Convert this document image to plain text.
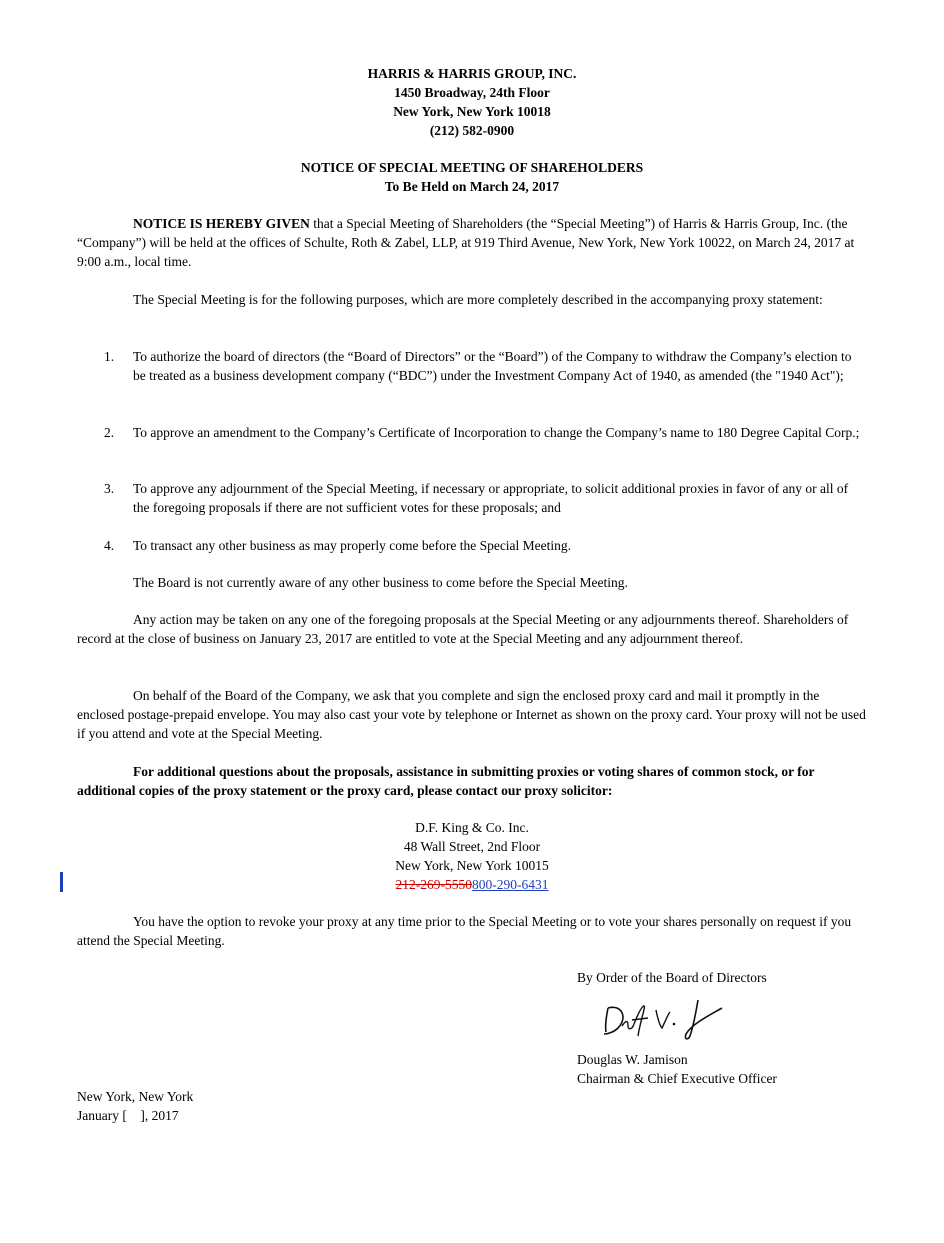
HARRIS & HARRIS GROUP, INC.
1450 Broadway, 24th Floor
New York, New York 10018
(212) 582-0900
NOTICE OF SPECIAL MEETING OF SHAREHOLDERS
To Be Held on March 24, 2017
NOTICE IS HEREBY GIVEN that a Special Meeting of Shareholders (the “Special Meeting”) of Harris & Harris Group, Inc. (the “Company”) will be held at the offices of Schulte, Roth & Zabel, LLP, at 919 Third Avenue, New York, New York 10022, on March 24, 2017 at 9:00 a.m., local time.
The Special Meeting is for the following purposes, which are more completely described in the accompanying proxy statement:
1. To authorize the board of directors (the “Board of Directors” or the “Board”) of the Company to withdraw the Company’s election to be treated as a business development company (“BDC”) under the Investment Company Act of 1940, as amended (the "1940 Act");
2. To approve an amendment to the Company’s Certificate of Incorporation to change the Company’s name to 180 Degree Capital Corp.;
3. To approve any adjournment of the Special Meeting, if necessary or appropriate, to solicit additional proxies in favor of any or all of the foregoing proposals if there are not sufficient votes for these proposals; and
4. To transact any other business as may properly come before the Special Meeting.
The Board is not currently aware of any other business to come before the Special Meeting.
Any action may be taken on any one of the foregoing proposals at the Special Meeting or any adjournments thereof. Shareholders of record at the close of business on January 23, 2017 are entitled to vote at the Special Meeting and any adjournment thereof.
On behalf of the Board of the Company, we ask that you complete and sign the enclosed proxy card and mail it promptly in the enclosed postage-prepaid envelope. You may also cast your vote by telephone or Internet as shown on the proxy card. Your proxy will not be used if you attend and vote at the Special Meeting.
For additional questions about the proposals, assistance in submitting proxies or voting shares of common stock, or for additional copies of the proxy statement or the proxy card, please contact our proxy solicitor:
D.F. King & Co. Inc.
48 Wall Street, 2nd Floor
New York, New York 10015
212-269-5550800-290-6431
You have the option to revoke your proxy at any time prior to the Special Meeting or to vote your shares personally on request if you attend the Special Meeting.
By Order of the Board of Directors
Douglas W. Jamison
Chairman & Chief Executive Officer
New York, New York
January [    ], 2017
